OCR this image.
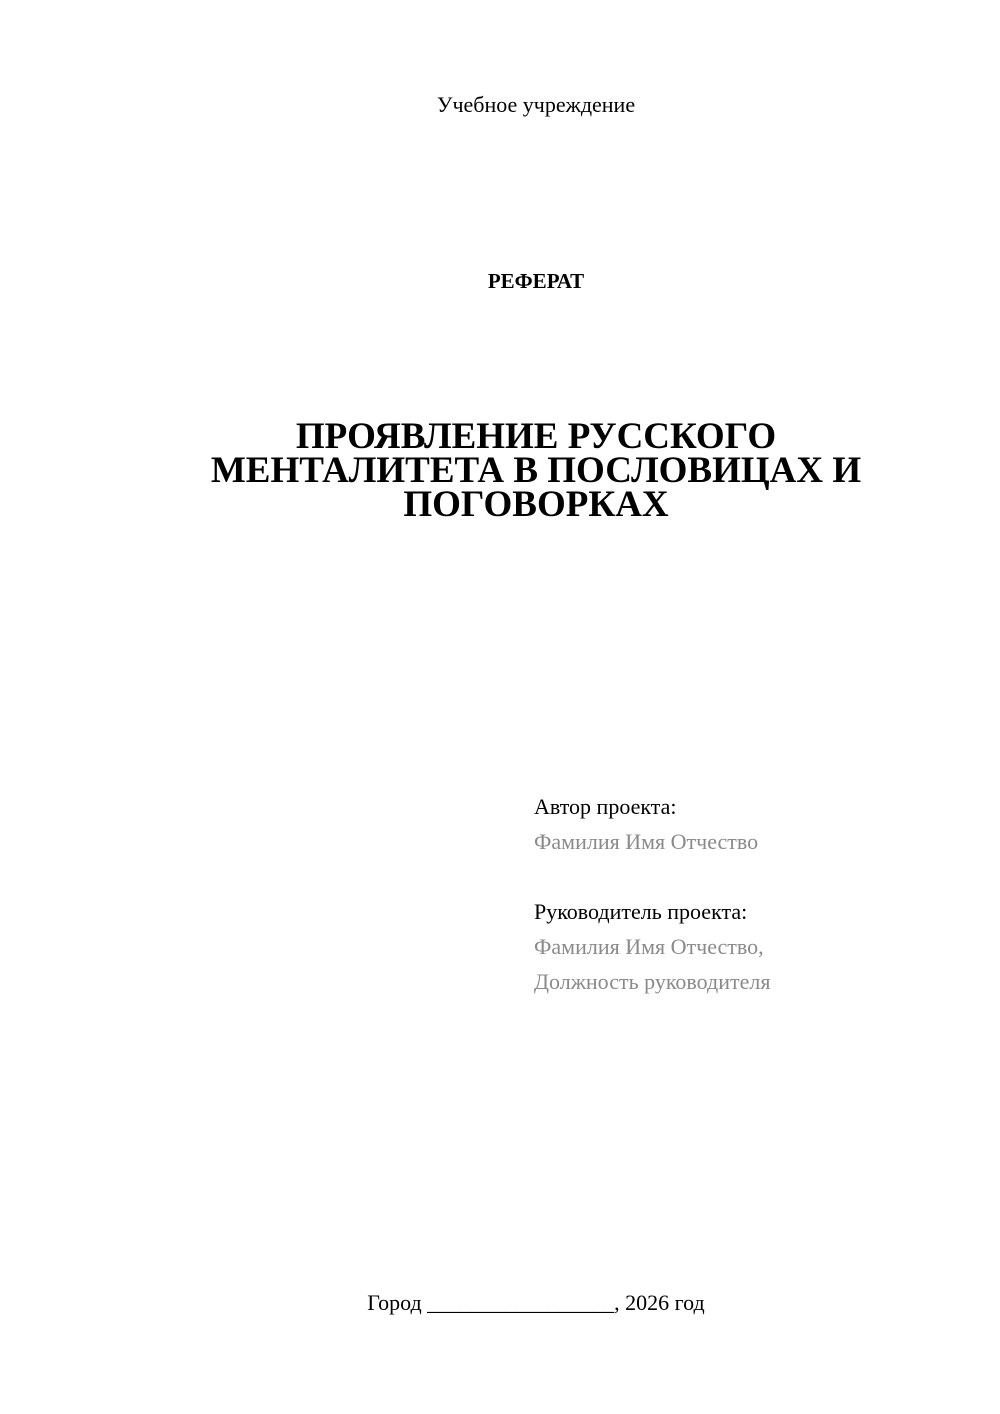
Учебное учреждение
РЕФЕРАТ
ПРОЯВЛЕНИЕ РУССКОГО
МЕНТАЛИТЕТА В ПОСЛОВИЦАХ И
ПОГОВОРКАХ
Автор проекта:
Фамилия Имя Отчество
Руководитель проекта:
Фамилия Имя Отчество,
Должность руководителя
Город _________________, 2026 год
